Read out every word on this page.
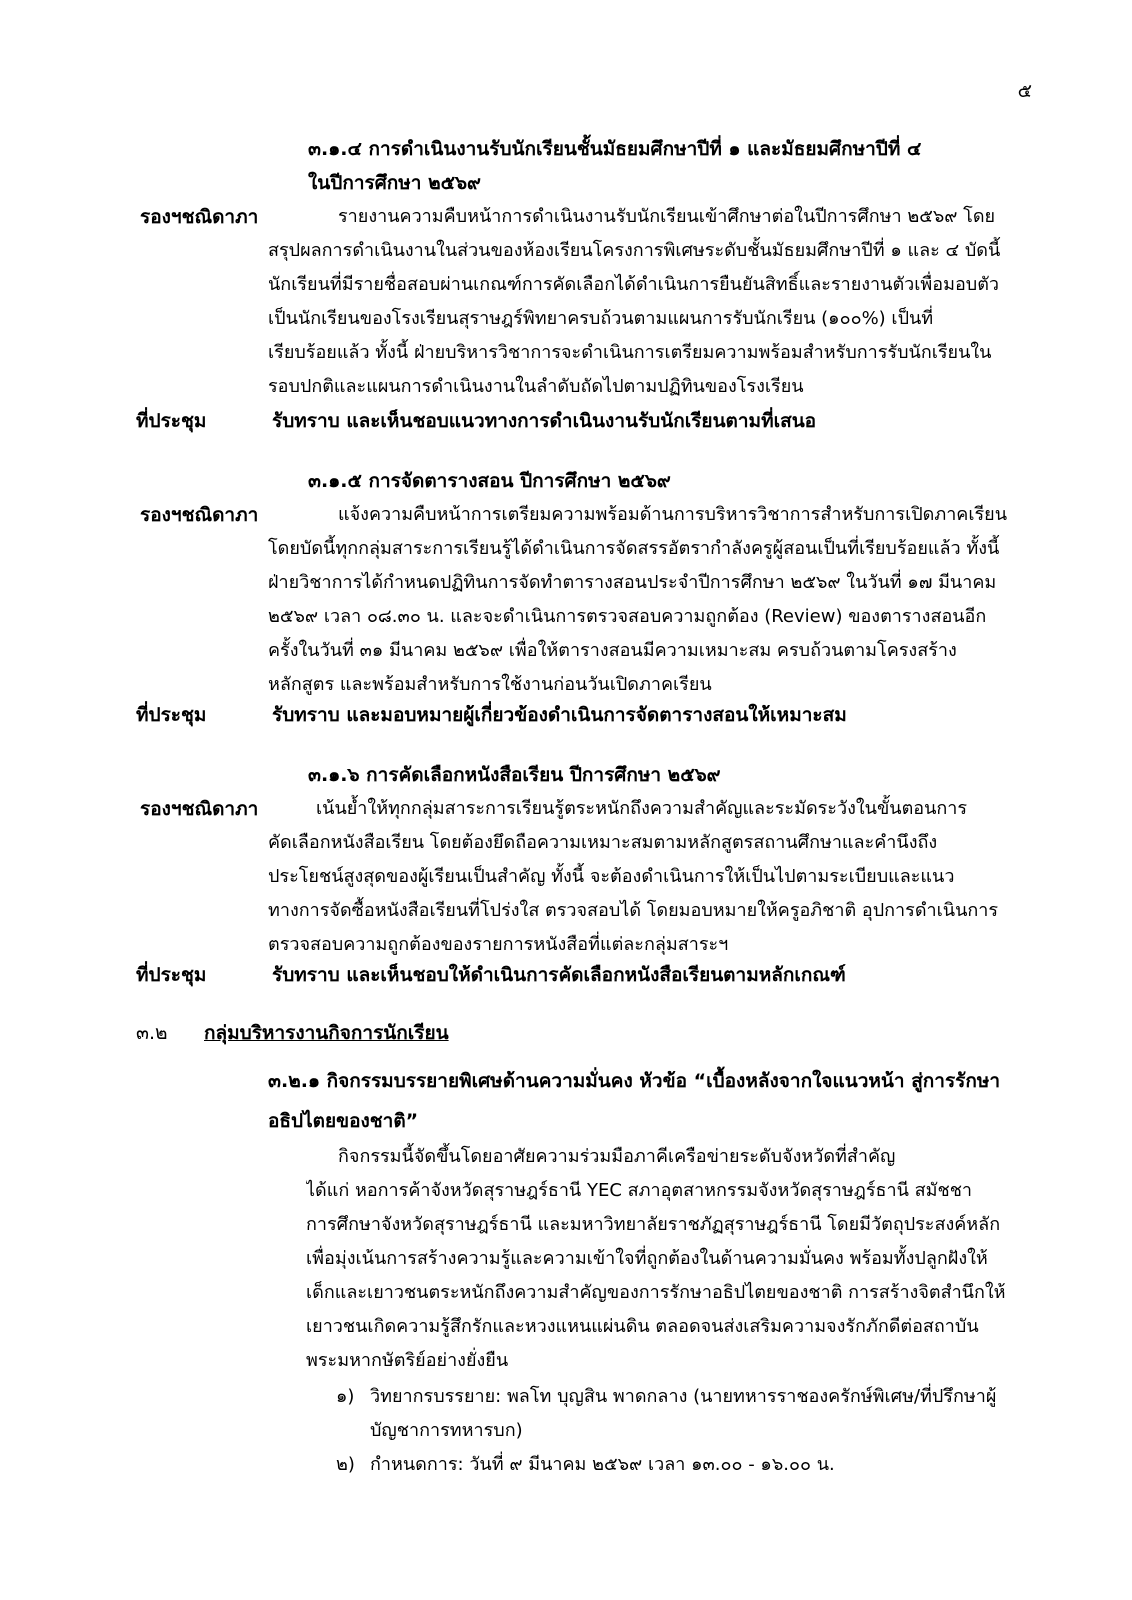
๕
๓.๑.๔ การดำเนินงานรับนักเรียนชั้นมัธยมศึกษาปีที่ ๑ และมัธยมศึกษาปีที่ ๔
ในปีการศึกษา ๒๕๖๙
รองฯชณิดาภา	รายงานความคืบหน้าการดำเนินงานรับนักเรียนเข้าศึกษาต่อในปีการศึกษา ๒๕๖๙ โดย
สรุปผลการดำเนินงานในส่วนของห้องเรียนโครงการพิเศษระดับชั้นมัธยมศึกษาปีที่ ๑ และ ๔ บัดนี้
นักเรียนที่มีรายชื่อสอบผ่านเกณฑ์การคัดเลือกได้ดำเนินการยืนยันสิทธิ์และรายงานตัวเพื่อมอบตัว
เป็นนักเรียนของโรงเรียนสุราษฎร์พิทยาครบถ้วนตามแผนการรับนักเรียน (๑๐๐%) เป็นที่
เรียบร้อยแล้ว ทั้งนี้ ฝ่ายบริหารวิชาการจะดำเนินการเตรียมความพร้อมสำหรับการรับนักเรียนใน
รอบปกติและแผนการดำเนินงานในลำดับถัดไปตามปฏิทินของโรงเรียน
ที่ประชุม	รับทราบ และเห็นชอบแนวทางการดำเนินงานรับนักเรียนตามที่เสนอ
๓.๑.๕ การจัดตารางสอน ปีการศึกษา ๒๕๖๙
รองฯชณิดาภา	แจ้งความคืบหน้าการเตรียมความพร้อมด้านการบริหารวิชาการสำหรับการเปิดภาคเรียน
โดยบัดนี้ทุกกลุ่มสาระการเรียนรู้ได้ดำเนินการจัดสรรอัตรากำลังครูผู้สอนเป็นที่เรียบร้อยแล้ว ทั้งนี้
ฝ่ายวิชาการได้กำหนดปฏิทินการจัดทำตารางสอนประจำปีการศึกษา ๒๕๖๙ ในวันที่ ๑๗ มีนาคม
๒๕๖๙ เวลา ๐๘.๓๐ น. และจะดำเนินการตรวจสอบความถูกต้อง (Review) ของตารางสอนอีก
ครั้งในวันที่ ๓๑ มีนาคม ๒๕๖๙ เพื่อให้ตารางสอนมีความเหมาะสม ครบถ้วนตามโครงสร้าง
หลักสูตร และพร้อมสำหรับการใช้งานก่อนวันเปิดภาคเรียน
ที่ประชุม	รับทราบ และมอบหมายผู้เกี่ยวข้องดำเนินการจัดตารางสอนให้เหมาะสม
๓.๑.๖ การคัดเลือกหนังสือเรียน ปีการศึกษา ๒๕๖๙
รองฯชณิดาภา	เน้นย้ำให้ทุกกลุ่มสาระการเรียนรู้ตระหนักถึงความสำคัญและระมัดระวังในขั้นตอนการ
คัดเลือกหนังสือเรียน โดยต้องยึดถือความเหมาะสมตามหลักสูตรสถานศึกษาและคำนึงถึง
ประโยชน์สูงสุดของผู้เรียนเป็นสำคัญ ทั้งนี้ จะต้องดำเนินการให้เป็นไปตามระเบียบและแนว
ทางการจัดซื้อหนังสือเรียนที่โปร่งใส ตรวจสอบได้ โดยมอบหมายให้ครูอภิชาติ อุปการดำเนินการ
ตรวจสอบความถูกต้องของรายการหนังสือที่แต่ละกลุ่มสาระฯ
ที่ประชุม	รับทราบ และเห็นชอบให้ดำเนินการคัดเลือกหนังสือเรียนตามหลักเกณฑ์
๓.๒ กลุ่มบริหารงานกิจการนักเรียน
๓.๒.๑ กิจกรรมบรรยายพิเศษด้านความมั่นคง หัวข้อ “เบื้องหลังจากใจแนวหน้า สู่การรักษา
อธิปไตยของชาติ”
กิจกรรมนี้จัดขึ้นโดยอาศัยความร่วมมือภาคีเครือข่ายระดับจังหวัดที่สำคัญ
ได้แก่ หอการค้าจังหวัดสุราษฎร์ธานี YEC สภาอุตสาหกรรมจังหวัดสุราษฎร์ธานี สมัชชา
การศึกษาจังหวัดสุราษฎร์ธานี และมหาวิทยาลัยราชภัฏสุราษฎร์ธานี โดยมีวัตถุประสงค์หลัก
เพื่อมุ่งเน้นการสร้างความรู้และความเข้าใจที่ถูกต้องในด้านความมั่นคง พร้อมทั้งปลูกฝังให้
เด็กและเยาวชนตระหนักถึงความสำคัญของการรักษาอธิปไตยของชาติ การสร้างจิตสำนึกให้
เยาวชนเกิดความรู้สึกรักและหวงแหนแผ่นดิน ตลอดจนส่งเสริมความจงรักภักดีต่อสถาบัน
พระมหากษัตริย์อย่างยั่งยืน
๑) วิทยากรบรรยาย: พลโท บุญสิน พาดกลาง (นายทหารราชองครักษ์พิเศษ/ที่ปรึกษาผู้
บัญชาการทหารบก)
๒) กำหนดการ: วันที่ ๙ มีนาคม ๒๕๖๙ เวลา ๑๓.๐๐ - ๑๖.๐๐ น.
